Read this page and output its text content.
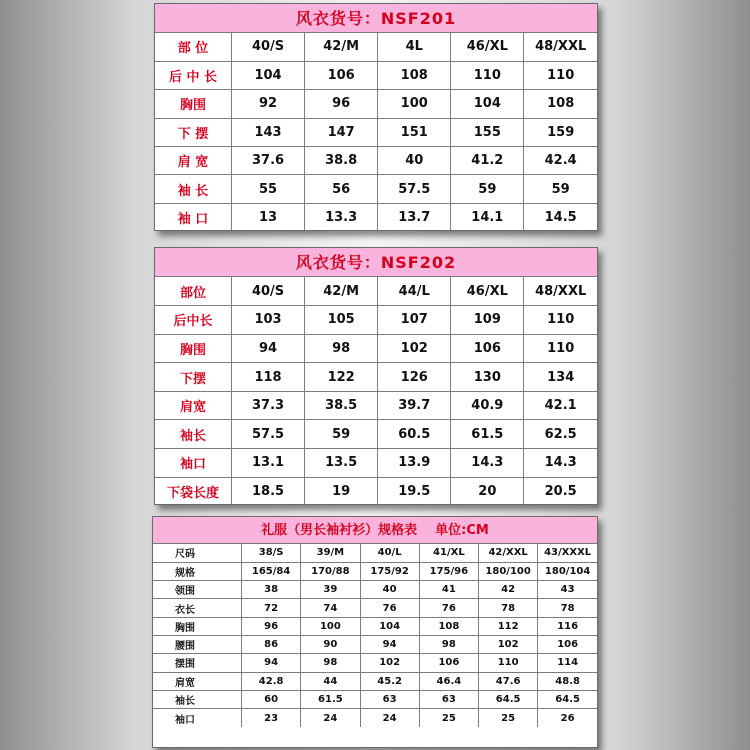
风衣货号：NSF201
部 位	40/S	42/M	4L	46/XL	48/XXL
后 中 长	104	106	108	110	110
胸围	92	96	100	104	108
下 摆	143	147	151	155	159
肩 宽	37.6	38.8	40	41.2	42.4
袖 长	55	56	57.5	59	59
袖 口	13	13.3	13.7	14.1	14.5
风衣货号：NSF202
部位	40/S	42/M	44/L	46/XL	48/XXL
后中长	103	105	107	109	110
胸围	94	98	102	106	110
下摆	118	122	126	130	134
肩宽	37.3	38.5	39.7	40.9	42.1
袖长	57.5	59	60.5	61.5	62.5
袖口	13.1	13.5	13.9	14.3	14.3
下袋长度	18.5	19	19.5	20	20.5
礼服（男长袖衬衫）规格表 单位:CM
尺码	38/S	39/M	40/L	41/XL	42/XXL	43/XXXL
规格	165/84	170/88	175/92	175/96	180/100	180/104
领围	38	39	40	41	42	43
衣长	72	74	76	76	78	78
胸围	96	100	104	108	112	116
腰围	86	90	94	98	102	106
摆围	94	98	102	106	110	114
肩宽	42.8	44	45.2	46.4	47.6	48.8
袖长	60	61.5	63	63	64.5	64.5
袖口	23	24	24	25	25	26
